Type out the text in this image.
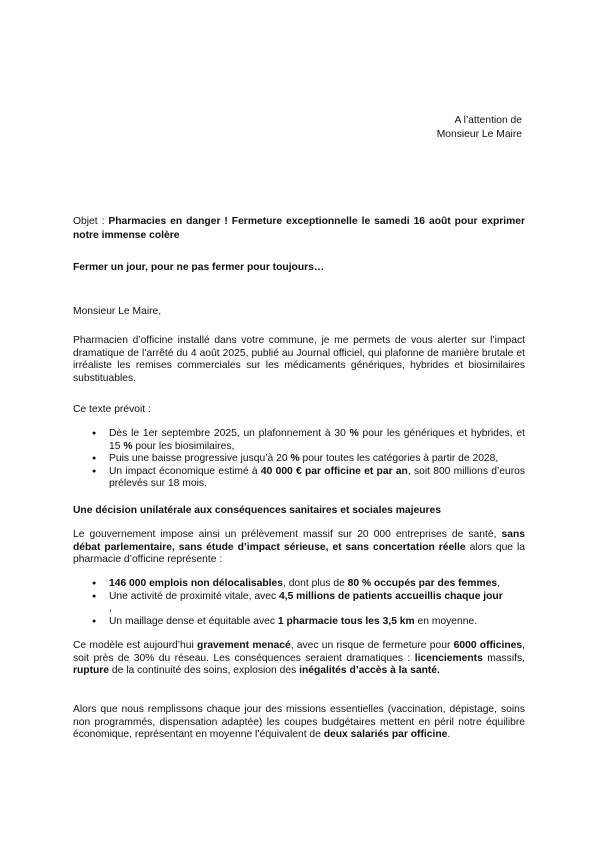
A l’attention de
Monsieur Le Maire
Objet : Pharmacies en danger ! Fermeture exceptionnelle le samedi 16 août pour exprimer notre immense colère
Fermer un jour, pour ne pas fermer pour toujours…
Monsieur Le Maire,

Pharmacien d’officine installé dans votre commune, je me permets de vous alerter sur l’impact dramatique de l’arrêté du 4 août 2025, publié au Journal officiel, qui plafonne de manière brutale et irréaliste les remises commerciales sur les médicaments génériques, hybrides et biosimilaires substituables.

Ce texte prévoit :

● Dès le 1er septembre 2025, un plafonnement à 30 % pour les génériques et hybrides, et 15 % pour les biosimilaires,
● Puis une baisse progressive jusqu’à 20 % pour toutes les catégories à partir de 2028,
● Un impact économique estimé à 40 000 € par officine et par an, soit 800 millions d’euros prélevés sur 18 mois.

Une décision unilatérale aux conséquences sanitaires et sociales majeures

Le gouvernement impose ainsi un prélèvement massif sur 20 000 entreprises de santé, sans débat parlementaire, sans étude d’impact sérieuse, et sans concertation réelle alors que la pharmacie d’officine représente :

● 146 000 emplois non délocalisables, dont plus de 80 % occupés par des femmes,
● Une activité de proximité vitale, avec 4,5 millions de patients accueillis chaque jour
,
● Un maillage dense et équitable avec 1 pharmacie tous les 3,5 km en moyenne.

Ce modèle est aujourd’hui gravement menacé, avec un risque de fermeture pour 6000 officines, soit près de 30% du réseau. Les conséquences seraient dramatiques : licenciements massifs, rupture de la continuité des soins, explosion des inégalités d’accès à la santé.

Alors que nous remplissons chaque jour des missions essentielles (vaccination, dépistage, soins non programmés, dispensation adaptée) les coupes budgétaires mettent en péril notre équilibre économique, représentant en moyenne l’équivalent de deux salariés par officine.
